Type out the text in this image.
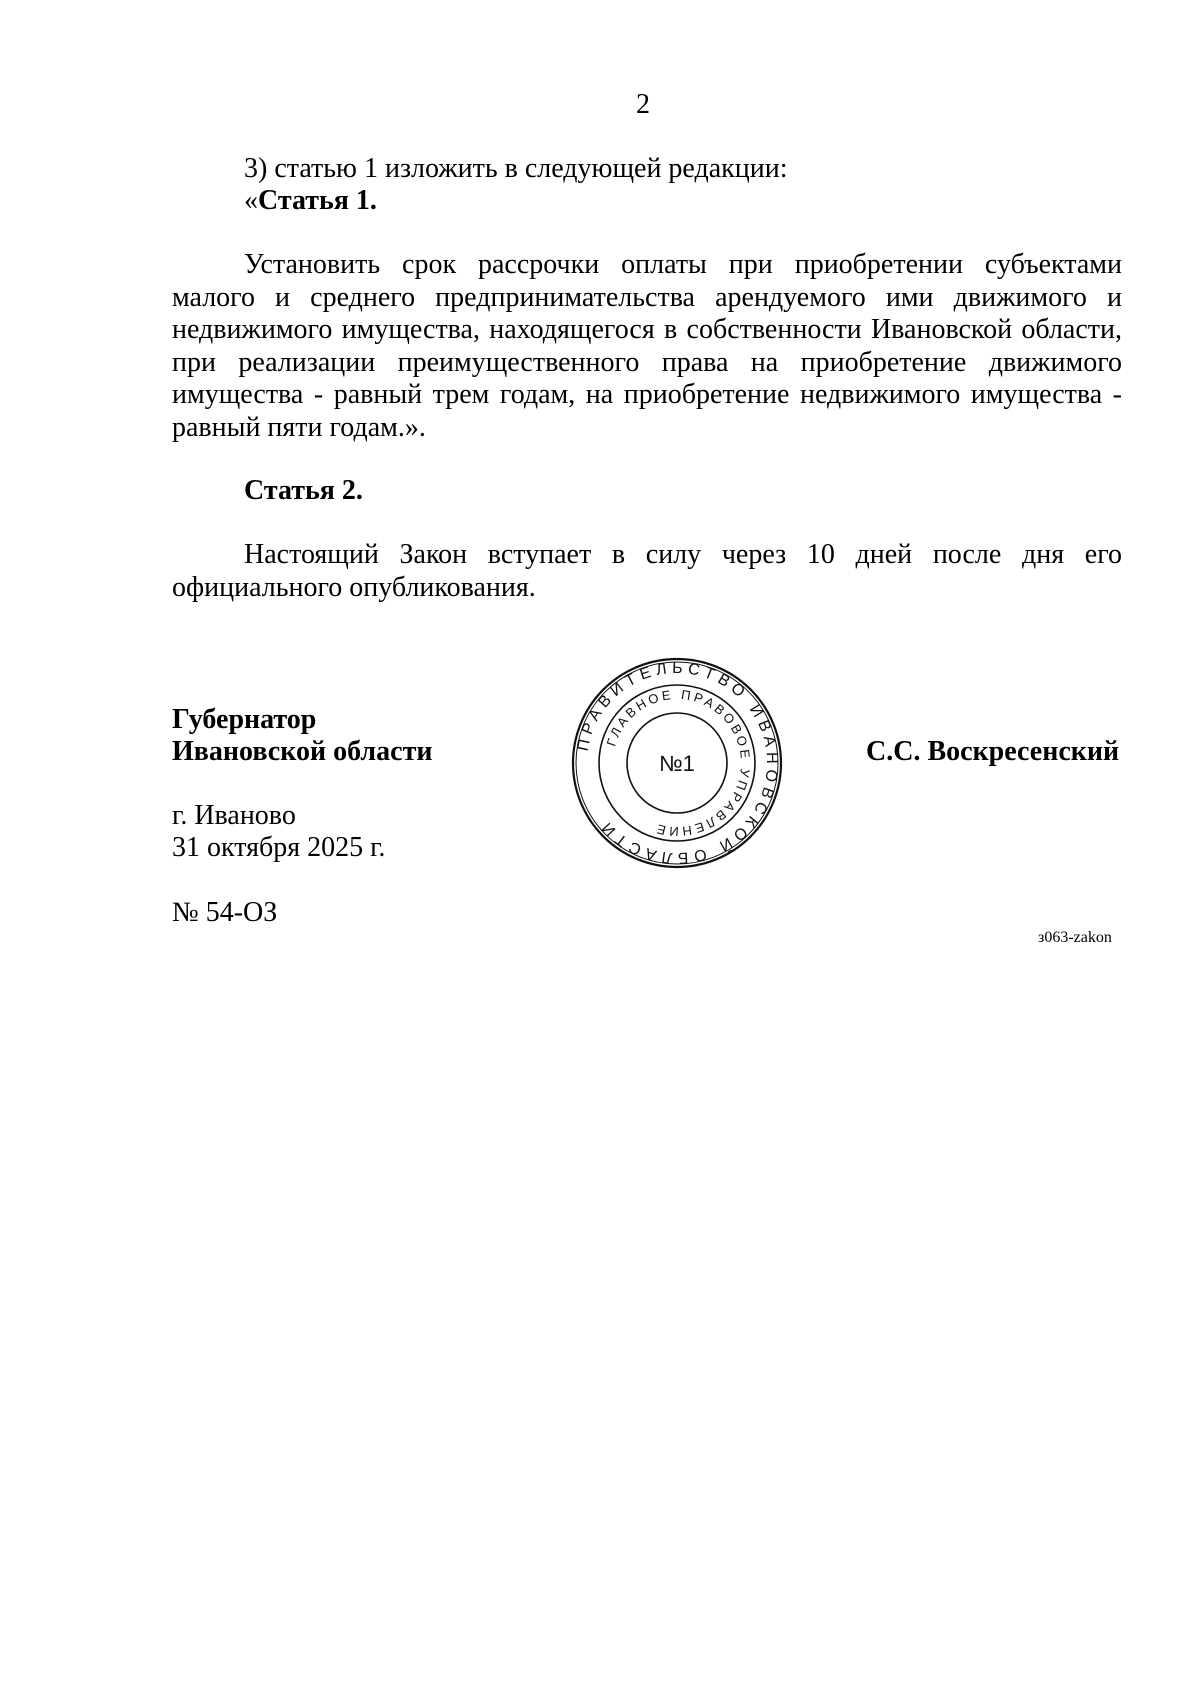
2
3) статью 1 изложить в следующей редакции:
«Статья 1.
Установить срок рассрочки оплаты при приобретении субъектами малого и среднего предпринимательства арендуемого ими движимого и недвижимого имущества, находящегося в собственности Ивановской области, при реализации преимущественного права на приобретение движимого имущества - равный трем годам, на приобретение недвижимого имущества - равный пяти годам.».
Статья 2.
Настоящий Закон вступает в силу через 10 дней после дня его официального опубликования.
Губернатор
Ивановской области	С.С. Воскресенский
г. Иваново
31 октября 2025 г.
№ 54-ОЗ
з063-zakon
ПРАВИТЕЛЬСТВО ИВАНОВСКОЙ ОБЛАСТИ
ГЛАВНОЕ ПРАВОВОЕ УПРАВЛЕНИЕ
№1
